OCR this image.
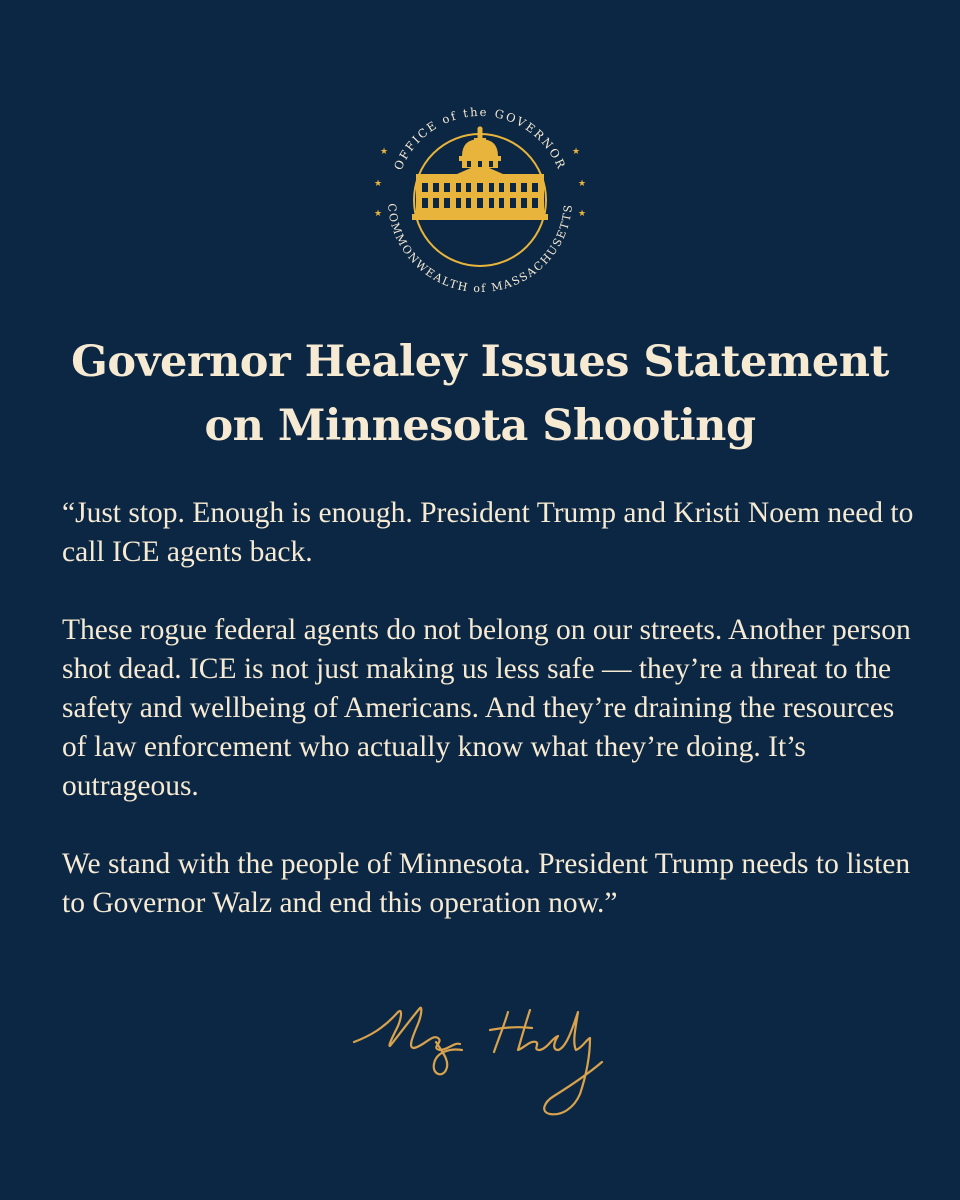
OFFICE of the GOVERNOR
COMMONWEALTH of MASSACHUSETTS
★
★
★
★
★
★
Governor Healey Issues Statement
on Minnesota Shooting

“Just stop. Enough is enough. President Trump and Kristi Noem need to call ICE agents back.

These rogue federal agents do not belong on our streets. Another person shot dead. ICE is not just making us less safe — they’re a threat to the safety and wellbeing of Americans. And they’re draining the resources of law enforcement who actually know what they’re doing. It’s outrageous.

We stand with the people of Minnesota. President Trump needs to listen to Governor Walz and end this operation now.”
